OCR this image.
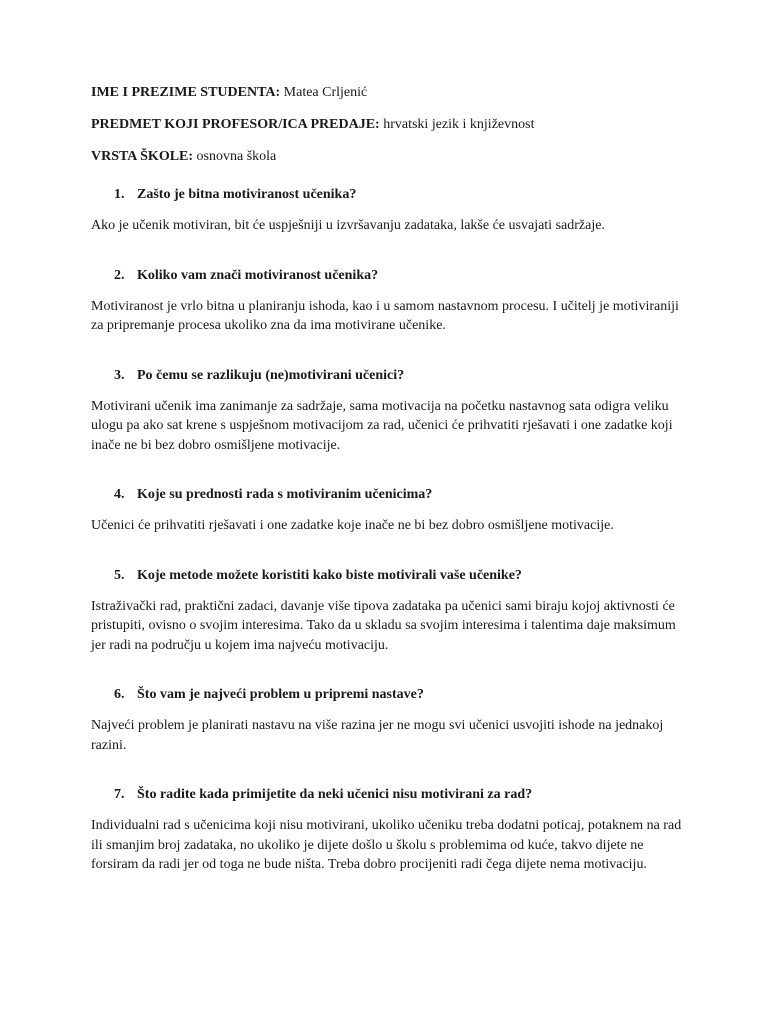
IME I PREZIME STUDENTA: Matea Crljenić
PREDMET KOJI PROFESOR/ICA PREDAJE: hrvatski jezik i književnost
VRSTA ŠKOLE: osnovna škola
1. Zašto je bitna motiviranost učenika?
Ako je učenik motiviran, bit će uspješniji u izvršavanju zadataka, lakše će usvajati sadržaje.
2. Koliko vam znači motiviranost učenika?
Motiviranost je vrlo bitna u planiranju ishoda, kao i u samom nastavnom procesu. I učitelj je motiviraniji za pripremanje procesa ukoliko zna da ima motivirane učenike.
3. Po čemu se razlikuju (ne)motivirani učenici?
Motivirani učenik ima zanimanje za sadržaje, sama motivacija na početku nastavnog sata odigra veliku ulogu pa ako sat krene s uspješnom motivacijom za rad, učenici će prihvatiti rješavati i one zadatke koji inače ne bi bez dobro osmišljene motivacije.
4. Koje su prednosti rada s motiviranim učenicima?
Učenici će prihvatiti rješavati i one zadatke koje inače ne bi bez dobro osmišljene motivacije.
5. Koje metode možete koristiti kako biste motivirali vaše učenike?
Istraživački rad, praktični zadaci, davanje više tipova zadataka pa učenici sami biraju kojoj aktivnosti će pristupiti, ovisno o svojim interesima. Tako da u skladu sa svojim interesima i talentima daje maksimum jer radi na području u kojem ima najveću motivaciju.
6. Što vam je najveći problem u pripremi nastave?
Najveći problem je planirati nastavu na više razina jer ne mogu svi učenici usvojiti ishode na jednakoj razini.
7. Što radite kada primijetite da neki učenici nisu motivirani za rad?
Individualni rad s učenicima koji nisu motivirani, ukoliko učeniku treba dodatni poticaj, potaknem na rad ili smanjim broj zadataka, no ukoliko je dijete došlo u školu s problemima od kuće, takvo dijete ne forsiram da radi jer od toga ne bude ništa. Treba dobro procijeniti radi čega dijete nema motivaciju.
